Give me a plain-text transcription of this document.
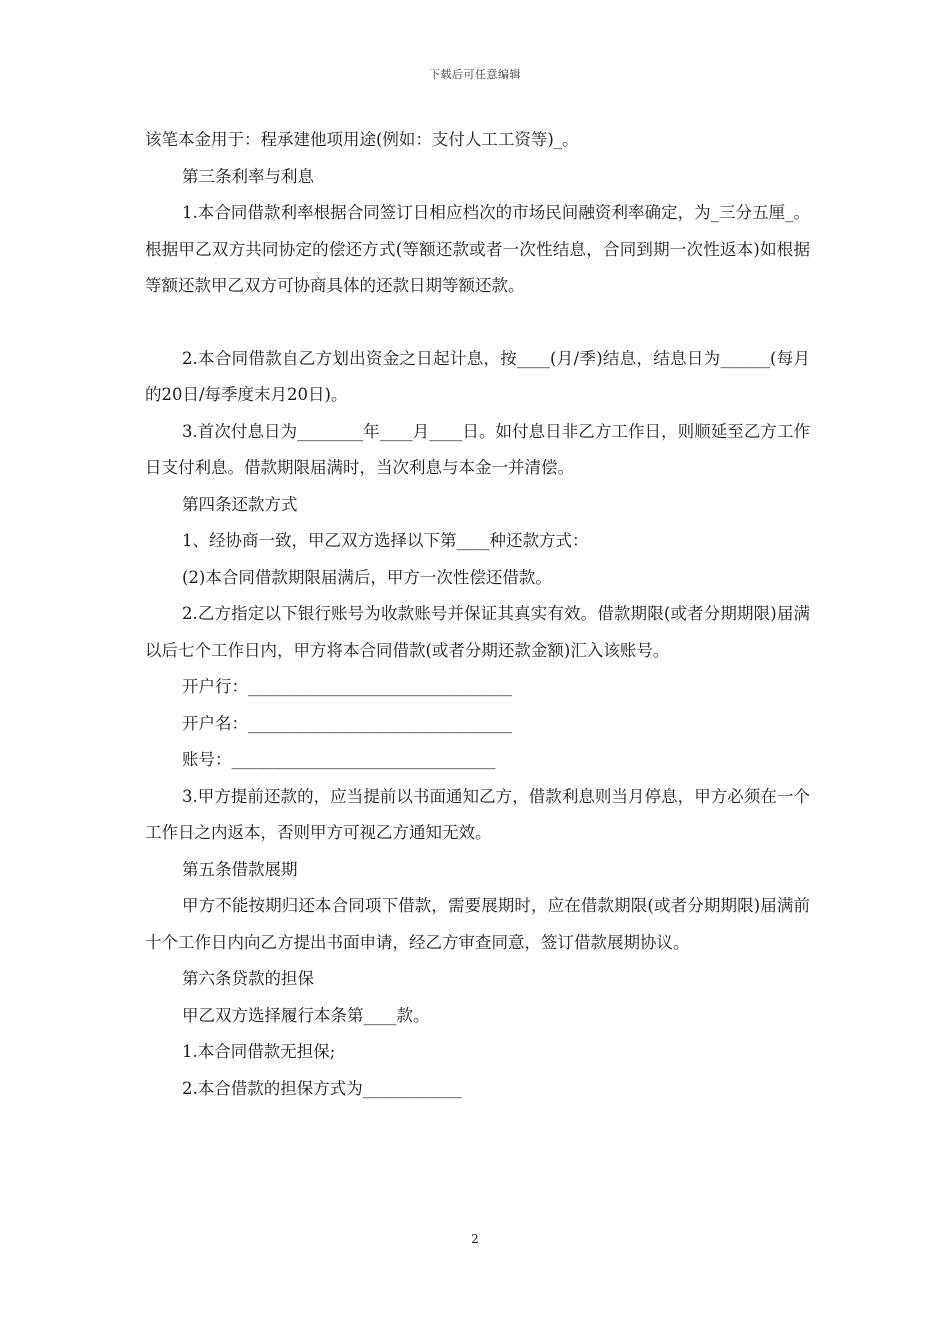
下载后可任意编辑

该笔本金用于：程承建他项用途(例如：支付人工工资等)_。

第三条利率与利息

1.本合同借款利率根据合同签订日相应档次的市场民间融资利率确定，为_三分五厘_。根据甲乙双方共同协定的偿还方式(等额还款或者一次性结息，合同到期一次性返本)如根据等额还款甲乙双方可协商具体的还款日期等额还款。

2.本合同借款自乙方划出资金之日起计息，按____(月/季)结息，结息日为______(每月的20日/每季度末月20日)。

3.首次付息日为________年____月____日。如付息日非乙方工作日，则顺延至乙方工作日支付利息。借款期限届满时，当次利息与本金一并清偿。

第四条还款方式

1、经协商一致，甲乙双方选择以下第____种还款方式：

(2)本合同借款期限届满后，甲方一次性偿还借款。

2.乙方指定以下银行账号为收款账号并保证其真实有效。借款期限(或者分期期限)届满以后七个工作日内，甲方将本合同借款(或者分期还款金额)汇入该账号。

开户行：________________________________

开户名：________________________________

账号：________________________________

3.甲方提前还款的，应当提前以书面通知乙方，借款利息则当月停息，甲方必须在一个工作日之内返本，否则甲方可视乙方通知无效。

第五条借款展期

甲方不能按期归还本合同项下借款，需要展期时，应在借款期限(或者分期期限)届满前十个工作日内向乙方提出书面申请，经乙方审查同意，签订借款展期协议。

第六条贷款的担保

甲乙双方选择履行本条第____款。

1.本合同借款无担保;

2.本合借款的担保方式为____________

2
